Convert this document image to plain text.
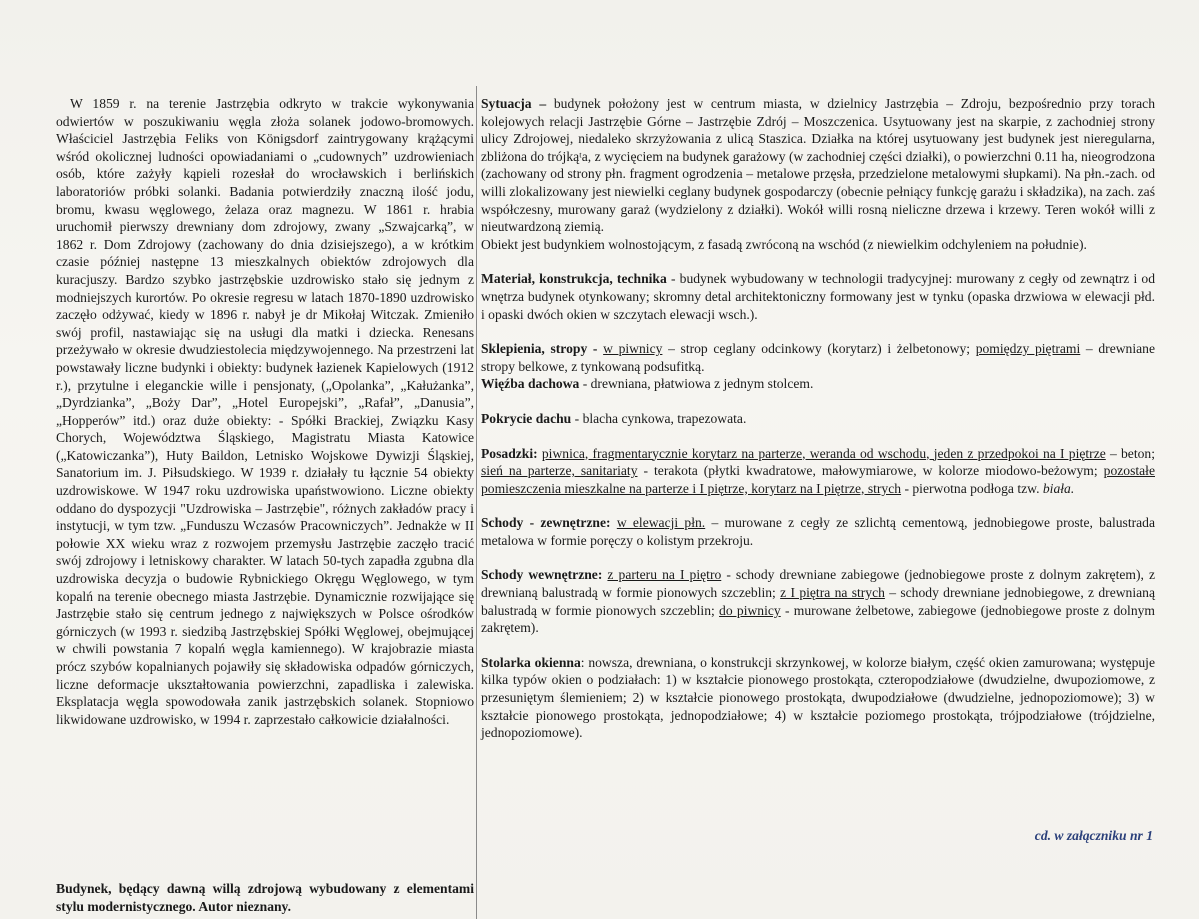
W 1859 r. na terenie Jastrzębia odkryto w trakcie wykonywania odwiertów w poszukiwaniu węgla złoża solanek jodowo-bromowych. Właściciel Jastrzębia Feliks von Königsdorf zaintrygowany krążącymi wśród okolicznej ludności opowiadaniami o „cudownych” uzdrowieniach osób, które zażyły kąpieli rozesłał do wrocławskich i berlińskich laboratoriów próbki solanki. Badania potwierdziły znaczną ilość jodu, bromu, kwasu węglowego, żelaza oraz magnezu. W 1861 r. hrabia uruchomił pierwszy drewniany dom zdrojowy, zwany „Szwajcarką”, w 1862 r. Dom Zdrojowy (zachowany do dnia dzisiejszego), a w krótkim czasie później następne 13 mieszkalnych obiektów zdrojowych dla kuracjuszy. Bardzo szybko jastrzębskie uzdrowisko stało się jednym z modniejszych kurortów. Po okresie regresu w latach 1870-1890 uzdrowisko zaczęło odżywać, kiedy w 1896 r. nabył je dr Mikołaj Witczak. Zmieniło swój profil, nastawiając się na usługi dla matki i dziecka. Renesans przeżywało w okresie dwudziestolecia międzywojennego. Na przestrzeni lat powstawały liczne budynki i obiekty: budynek łazienek Kapielowych (1912 r.), przytulne i eleganckie wille i pensjonaty, („Opolanka”, „Kałużanka”, „Dyrdzianka”, „Boży Dar”, „Hotel Europejski”, „Rafał”, „Danusia”, „Hopperów” itd.) oraz duże obiekty: - Spółki Brackiej, Związku Kasy Chorych, Województwa Śląskiego, Magistratu Miasta Katowice („Katowiczanka”), Huty Baildon, Letnisko Wojskowe Dywizji Śląskiej, Sanatorium im. J. Piłsudskiego. W 1939 r. działały tu łącznie 54 obiekty uzdrowiskowe. W 1947 roku uzdrowiska upaństwowiono. Liczne obiekty oddano do dyspozycji "Uzdrowiska – Jastrzębie", różnych zakładów pracy i instytucji, w tym tzw. „Funduszu Wczasów Pracowniczych”. Jednakże w II połowie XX wieku wraz z rozwojem przemysłu Jastrzębie zaczęło tracić swój zdrojowy i letniskowy charakter. W latach 50-tych zapadła zgubna dla uzdrowiska decyzja o budowie Rybnickiego Okręgu Węglowego, w tym kopalń na terenie obecnego miasta Jastrzębie. Dynamicznie rozwijające się Jastrzębie stało się centrum jednego z największych w Polsce ośrodków górniczych (w 1993 r. siedzibą Jastrzębskiej Spółki Węglowej, obejmującej w chwili powstania 7 kopalń węgla kamiennego). W krajobrazie miasta prócz szybów kopalnianych pojawiły się składowiska odpadów górniczych, liczne deformacje ukształtowania powierzchni, zapadliska i zalewiska. Eksplatacja węgla spowodowała zanik jastrzębskich solanek. Stopniowo likwidowane uzdrowisko, w 1994 r. zaprzestało całkowicie działalności.

Budynek, będący dawną willą zdrojową wybudowany z elementami stylu modernistycznego. Autor nieznany.

Sytuacja – budynek położony jest w centrum miasta, w dzielnicy Jastrzębia – Zdroju, bezpośrednio przy torach kolejowych relacji Jastrzębie Górne – Jastrzębie Zdrój – Moszczenica. Usytuowany jest na skarpie, z zachodniej strony ulicy Zdrojowej, niedaleko skrzyżowania z ulicą Staszica. Działka na której usytuowany jest budynek jest nieregularna, zbliżona do trójkąᵗa, z wycięciem na budynek garażowy (w zachodniej części działki), o powierzchni 0.11 ha, nieogrodzona (zachowany od strony płn. fragment ogrodzenia – metalowe przęsła, przedzielone metalowymi słupkami). Na płn.-zach. od willi zlokalizowany jest niewielki ceglany budynek gospodarczy (obecnie pełniący funkcję garażu i składzika), na zach. zaś współczesny, murowany garaż (wydzielony z działki). Wokół willi rosną nieliczne drzewa i krzewy. Teren wokół willi z nieutwardzoną ziemią.

Obiekt jest budynkiem wolnostojącym, z fasadą zwróconą na wschód (z niewielkim odchyleniem na południe).

Materiał, konstrukcja, technika - budynek wybudowany w technologii tradycyjnej: murowany z cegły od zewnątrz i od wnętrza budynek otynkowany; skromny detal architektoniczny formowany jest w tynku (opaska drzwiowa w elewacji płd. i opaski dwóch okien w szczytach elewacji wsch.).

Sklepienia, stropy - w piwnicy – strop ceglany odcinkowy (korytarz) i żelbetonowy; pomiędzy piętrami – drewniane stropy belkowe, z tynkowaną podsufitką.

Więźba dachowa - drewniana, płatwiowa z jednym stolcem.

Pokrycie dachu - blacha cynkowa, trapezowata.

Posadzki: piwnica, fragmentarycznie korytarz na parterze, weranda od wschodu, jeden z przedpokoi na I piętrze – beton; sień na parterze, sanitariaty - terakota (płytki kwadratowe, małowymiarowe, w kolorze miodowo-beżowym; pozostałe pomieszczenia mieszkalne na parterze i I piętrze, korytarz na I piętrze, strych - pierwotna podłoga tzw. biała.

Schody - zewnętrzne: w elewacji płn. – murowane z cegły ze szlichtą cementową, jednobiegowe proste, balustrada metalowa w formie poręczy o kolistym przekroju.

Schody wewnętrzne: z parteru na I piętro - schody drewniane zabiegowe (jednobiegowe proste z dolnym zakrętem), z drewnianą balustradą w formie pionowych szczeblin; z I piętra na strych – schody drewniane jednobiegowe, z drewnianą balustradą w formie pionowych szczeblin; do piwnicy - murowane żelbetowe, zabiegowe (jednobiegowe proste z dolnym zakrętem).

Stolarka okienna: nowsza, drewniana, o konstrukcji skrzynkowej, w kolorze białym, część okien zamurowana; występuje kilka typów okien o podziałach: 1) w kształcie pionowego prostokąta, czteropodziałowe (dwudzielne, dwupoziomowe, z przesuniętym ślemieniem; 2) w kształcie pionowego prostokąta, dwupodziałowe (dwudzielne, jednopoziomowe); 3) w kształcie pionowego prostokąta, jednopodziałowe; 4) w kształcie poziomego prostokąta, trójpodziałowe (trójdzielne, jednopoziomowe).

cd. w załączniku nr 1
